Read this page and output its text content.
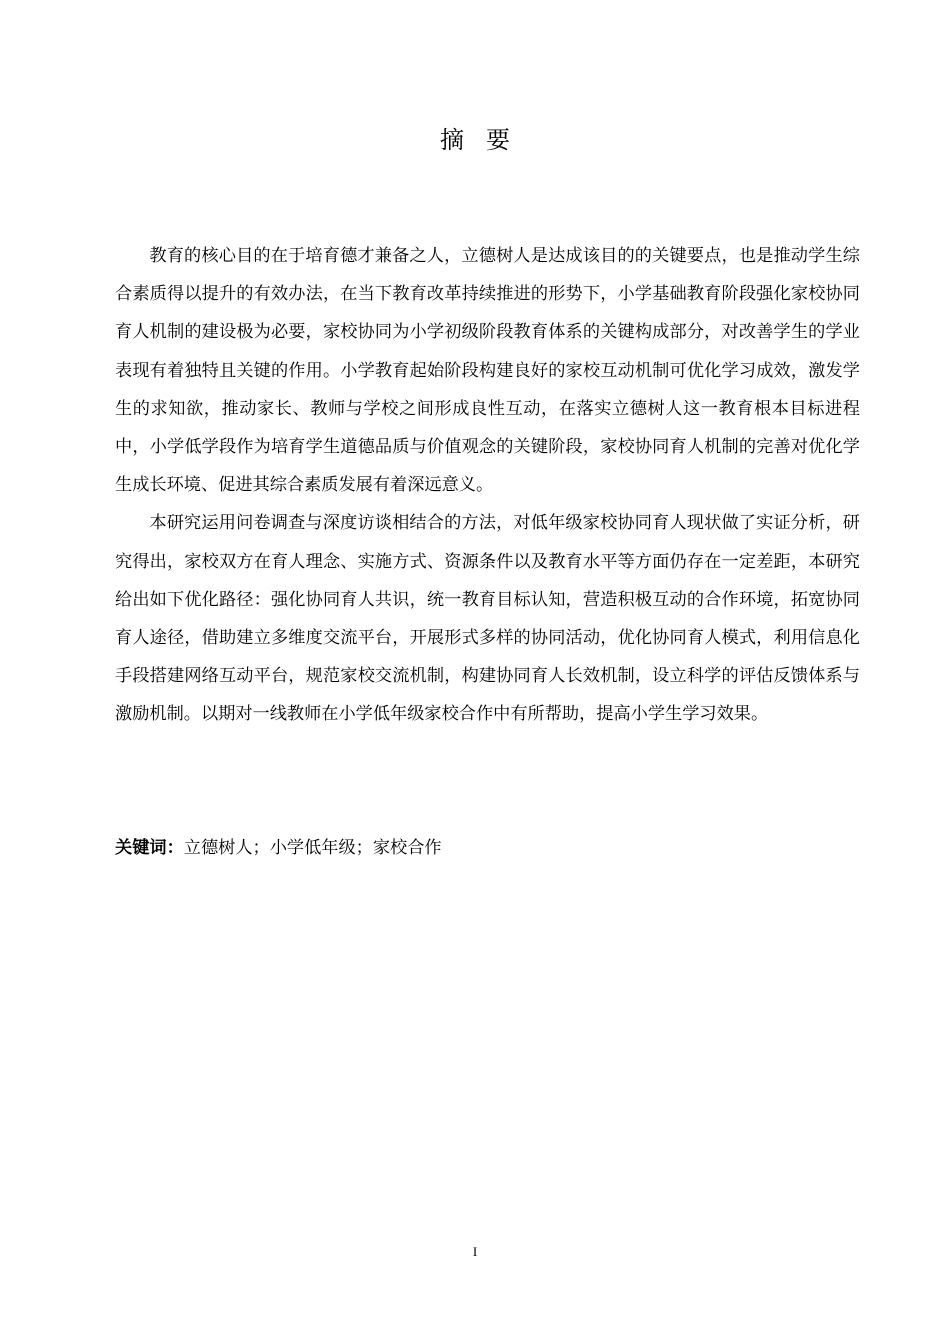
摘要

教育的核心目的在于培育德才兼备之人，立德树人是达成该目的的关键要点，也是推动学生综合素质得以提升的有效办法，在当下教育改革持续推进的形势下，小学基础教育阶段强化家校协同育人机制的建设极为必要，家校协同为小学初级阶段教育体系的关键构成部分，对改善学生的学业表现有着独特且关键的作用。小学教育起始阶段构建良好的家校互动机制可优化学习成效，激发学生的求知欲，推动家长、教师与学校之间形成良性互动，在落实立德树人这一教育根本目标进程中，小学低学段作为培育学生道德品质与价值观念的关键阶段，家校协同育人机制的完善对优化学生成长环境、促进其综合素质发展有着深远意义。

本研究运用问卷调查与深度访谈相结合的方法，对低年级家校协同育人现状做了实证分析，研究得出，家校双方在育人理念、实施方式、资源条件以及教育水平等方面仍存在一定差距，本研究给出如下优化路径：强化协同育人共识，统一教育目标认知，营造积极互动的合作环境，拓宽协同育人途径，借助建立多维度交流平台，开展形式多样的协同活动，优化协同育人模式，利用信息化手段搭建网络互动平台，规范家校交流机制，构建协同育人长效机制，设立科学的评估反馈体系与激励机制。以期对一线教师在小学低年级家校合作中有所帮助，提高小学生学习效果。

关键词：立德树人；小学低年级；家校合作
I
